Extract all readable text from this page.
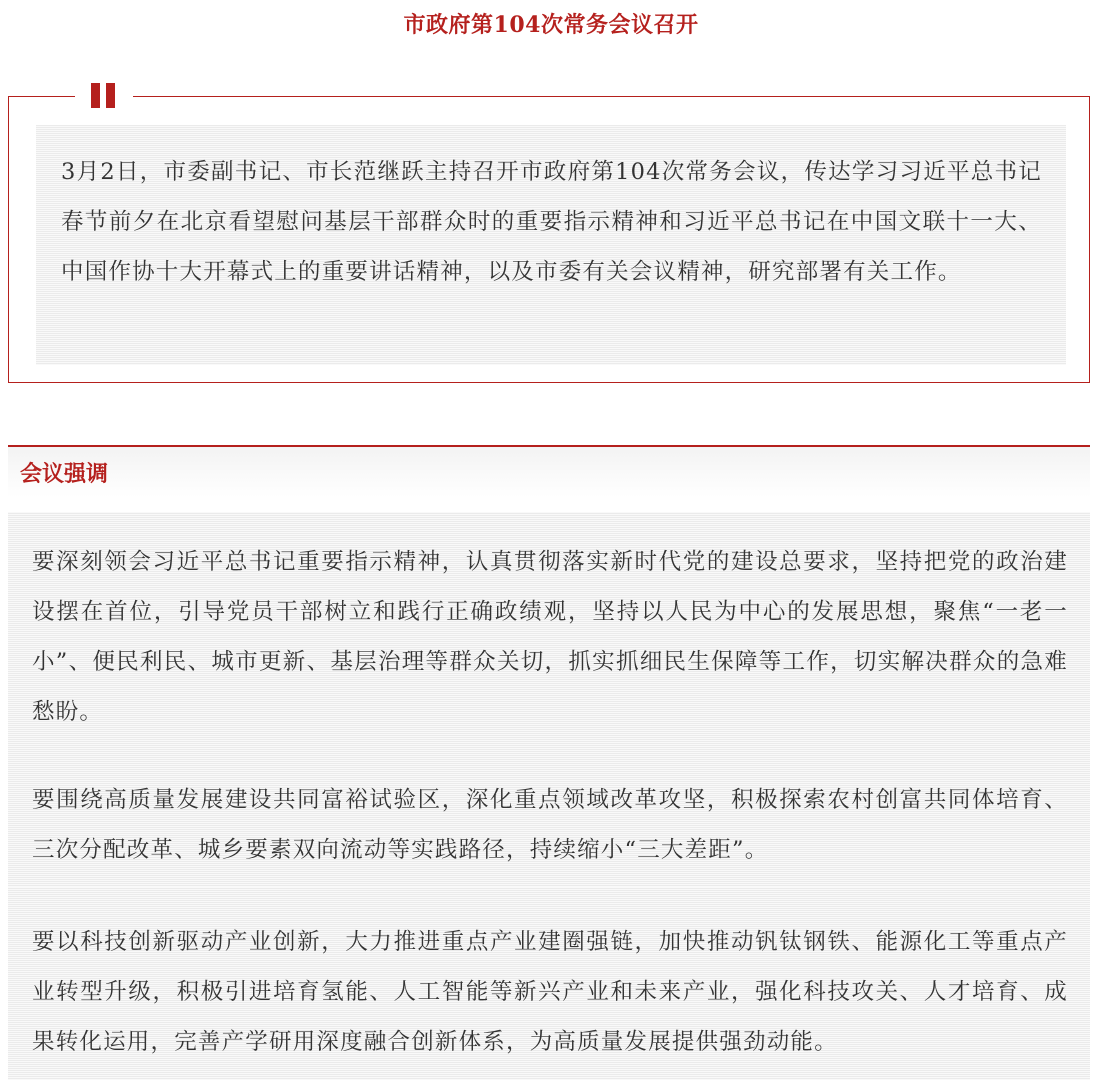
市政府第104次常务会议召开

3月2日，市委副书记、市长范继跃主持召开市政府第104次常务会议，传达学习习近平总书记春节前夕在北京看望慰问基层干部群众时的重要指示精神和习近平总书记在中国文联十一大、中国作协十大开幕式上的重要讲话精神，以及市委有关会议精神，研究部署有关工作。

会议强调

要深刻领会习近平总书记重要指示精神，认真贯彻落实新时代党的建设总要求，坚持把党的政治建设摆在首位，引导党员干部树立和践行正确政绩观，坚持以人民为中心的发展思想，聚焦“一老一小”、便民利民、城市更新、基层治理等群众关切，抓实抓细民生保障等工作，切实解决群众的急难愁盼。

要围绕高质量发展建设共同富裕试验区，深化重点领域改革攻坚，积极探索农村创富共同体培育、三次分配改革、城乡要素双向流动等实践路径，持续缩小“三大差距”。

要以科技创新驱动产业创新，大力推进重点产业建圈强链，加快推动钒钛钢铁、能源化工等重点产业转型升级，积极引进培育氢能、人工智能等新兴产业和未来产业，强化科技攻关、人才培育、成果转化运用，完善产学研用深度融合创新体系，为高质量发展提供强劲动能。
